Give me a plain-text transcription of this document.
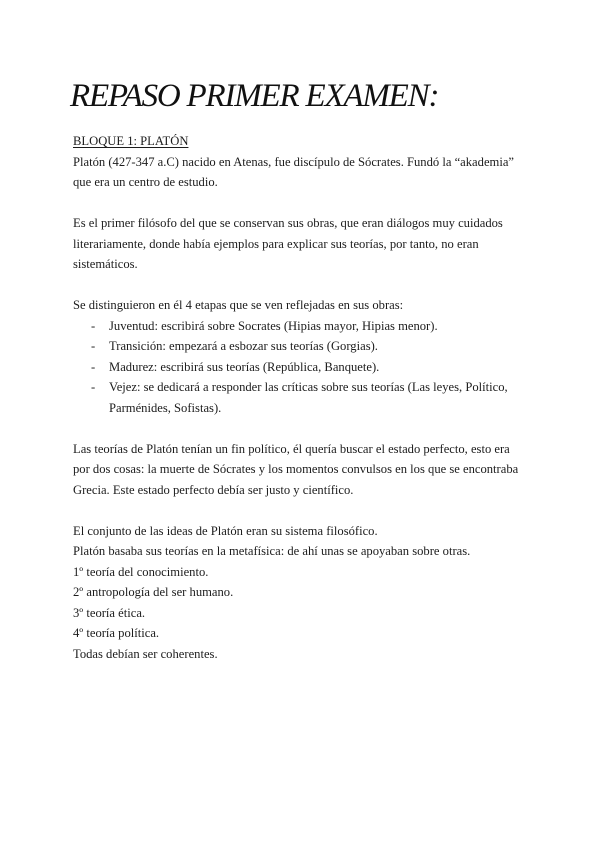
REPASO PRIMER EXAMEN:

BLOQUE 1: PLATÓN

Platón (427-347 a.C) nacido en Atenas, fue discípulo de Sócrates. Fundó la “akademia”
que era un centro de estudio.

Es el primer filósofo del que se conservan sus obras, que eran diálogos muy cuidados
literariamente, donde había ejemplos para explicar sus teorías, por tanto, no eran
sistemáticos.

Se distinguieron en él 4 etapas que se ven reflejadas en sus obras:

- Juventud: escribirá sobre Socrates (Hipias mayor, Hipias menor).
- Transición: empezará a esbozar sus teorías (Gorgias).
- Madurez: escribirá sus teorías (República, Banquete).
- Vejez: se dedicará a responder las críticas sobre sus teorías (Las leyes, Político,
Parménides, Sofistas).

Las teorías de Platón tenían un fin político, él quería buscar el estado perfecto, esto era
por dos cosas: la muerte de Sócrates y los momentos convulsos en los que se encontraba
Grecia. Este estado perfecto debía ser justo y científico.

El conjunto de las ideas de Platón eran su sistema filosófico.
Platón basaba sus teorías en la metafísica: de ahí unas se apoyaban sobre otras.
1º teoría del conocimiento.
2º antropología del ser humano.
3º teoría ética.
4º teoría política.
Todas debían ser coherentes.
